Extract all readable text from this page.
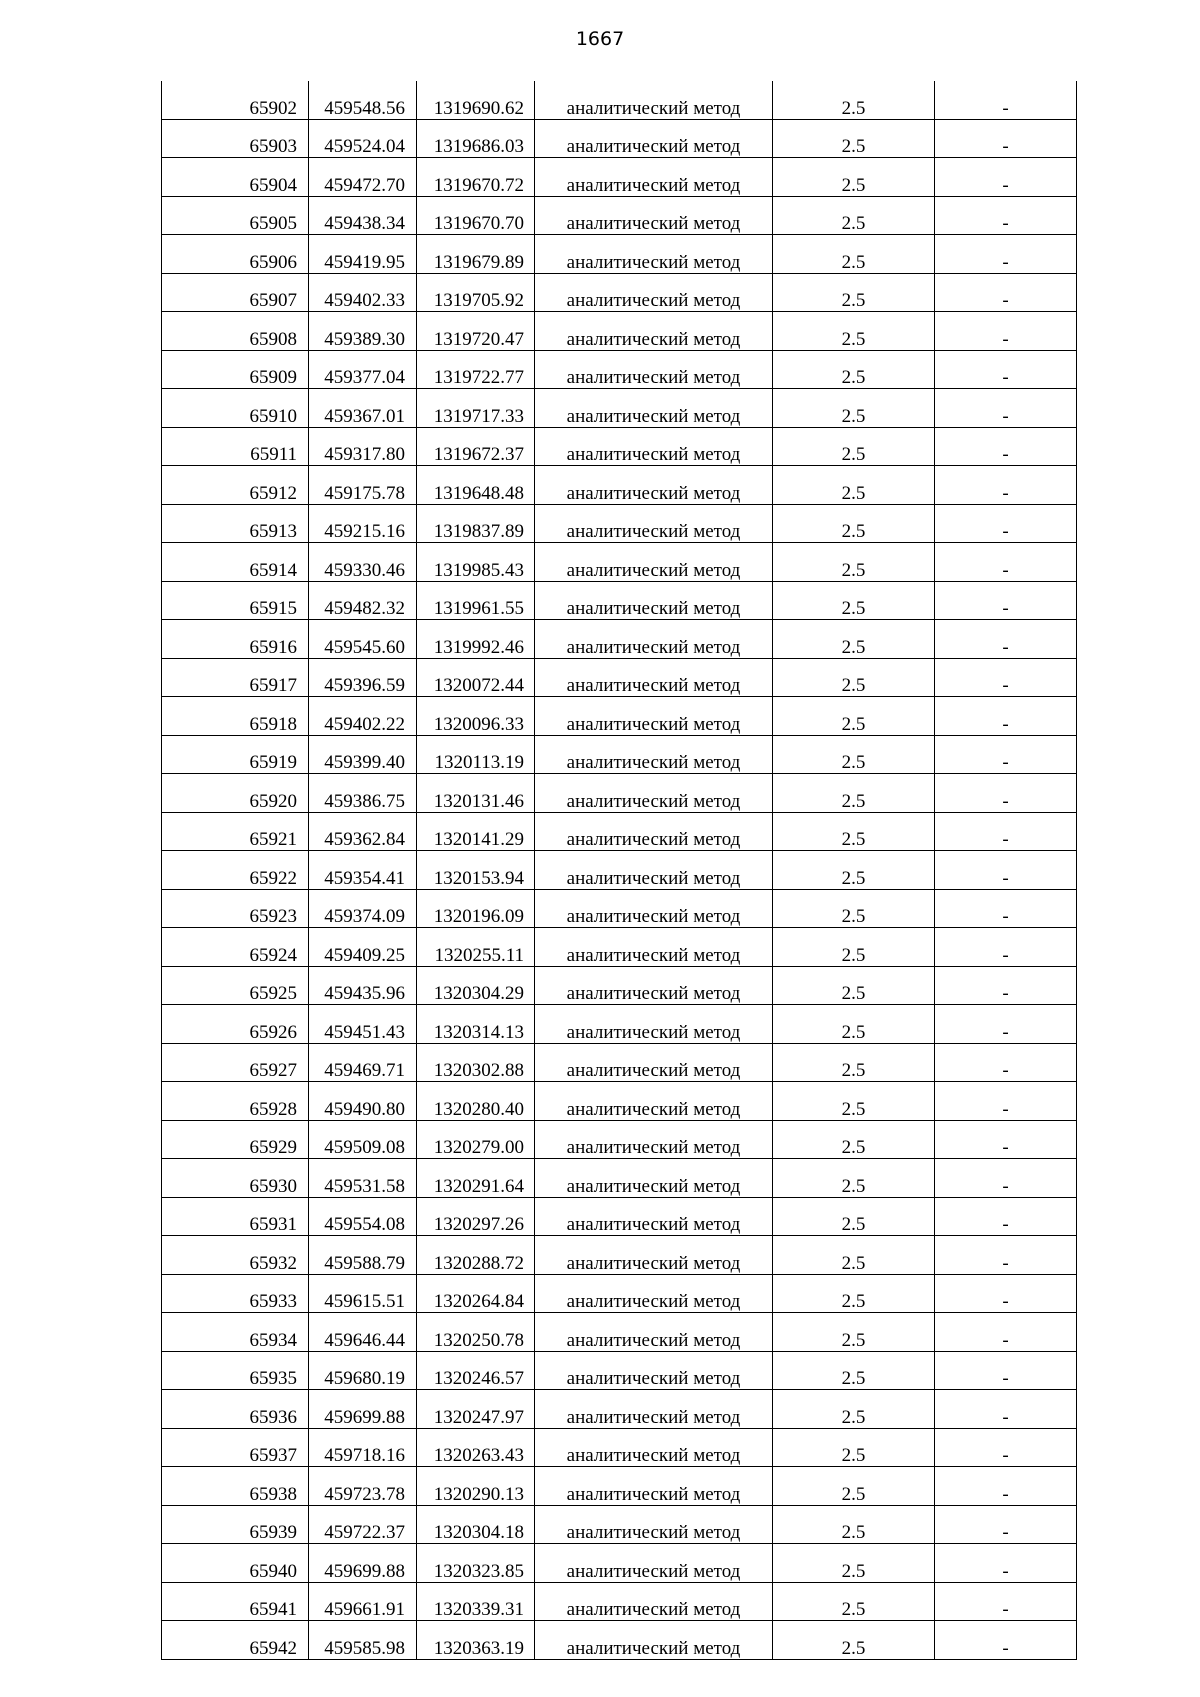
1667
65902	459548.56	1319690.62	аналитический метод	2.5	-
65903	459524.04	1319686.03	аналитический метод	2.5	-
65904	459472.70	1319670.72	аналитический метод	2.5	-
65905	459438.34	1319670.70	аналитический метод	2.5	-
65906	459419.95	1319679.89	аналитический метод	2.5	-
65907	459402.33	1319705.92	аналитический метод	2.5	-
65908	459389.30	1319720.47	аналитический метод	2.5	-
65909	459377.04	1319722.77	аналитический метод	2.5	-
65910	459367.01	1319717.33	аналитический метод	2.5	-
65911	459317.80	1319672.37	аналитический метод	2.5	-
65912	459175.78	1319648.48	аналитический метод	2.5	-
65913	459215.16	1319837.89	аналитический метод	2.5	-
65914	459330.46	1319985.43	аналитический метод	2.5	-
65915	459482.32	1319961.55	аналитический метод	2.5	-
65916	459545.60	1319992.46	аналитический метод	2.5	-
65917	459396.59	1320072.44	аналитический метод	2.5	-
65918	459402.22	1320096.33	аналитический метод	2.5	-
65919	459399.40	1320113.19	аналитический метод	2.5	-
65920	459386.75	1320131.46	аналитический метод	2.5	-
65921	459362.84	1320141.29	аналитический метод	2.5	-
65922	459354.41	1320153.94	аналитический метод	2.5	-
65923	459374.09	1320196.09	аналитический метод	2.5	-
65924	459409.25	1320255.11	аналитический метод	2.5	-
65925	459435.96	1320304.29	аналитический метод	2.5	-
65926	459451.43	1320314.13	аналитический метод	2.5	-
65927	459469.71	1320302.88	аналитический метод	2.5	-
65928	459490.80	1320280.40	аналитический метод	2.5	-
65929	459509.08	1320279.00	аналитический метод	2.5	-
65930	459531.58	1320291.64	аналитический метод	2.5	-
65931	459554.08	1320297.26	аналитический метод	2.5	-
65932	459588.79	1320288.72	аналитический метод	2.5	-
65933	459615.51	1320264.84	аналитический метод	2.5	-
65934	459646.44	1320250.78	аналитический метод	2.5	-
65935	459680.19	1320246.57	аналитический метод	2.5	-
65936	459699.88	1320247.97	аналитический метод	2.5	-
65937	459718.16	1320263.43	аналитический метод	2.5	-
65938	459723.78	1320290.13	аналитический метод	2.5	-
65939	459722.37	1320304.18	аналитический метод	2.5	-
65940	459699.88	1320323.85	аналитический метод	2.5	-
65941	459661.91	1320339.31	аналитический метод	2.5	-
65942	459585.98	1320363.19	аналитический метод	2.5	-
